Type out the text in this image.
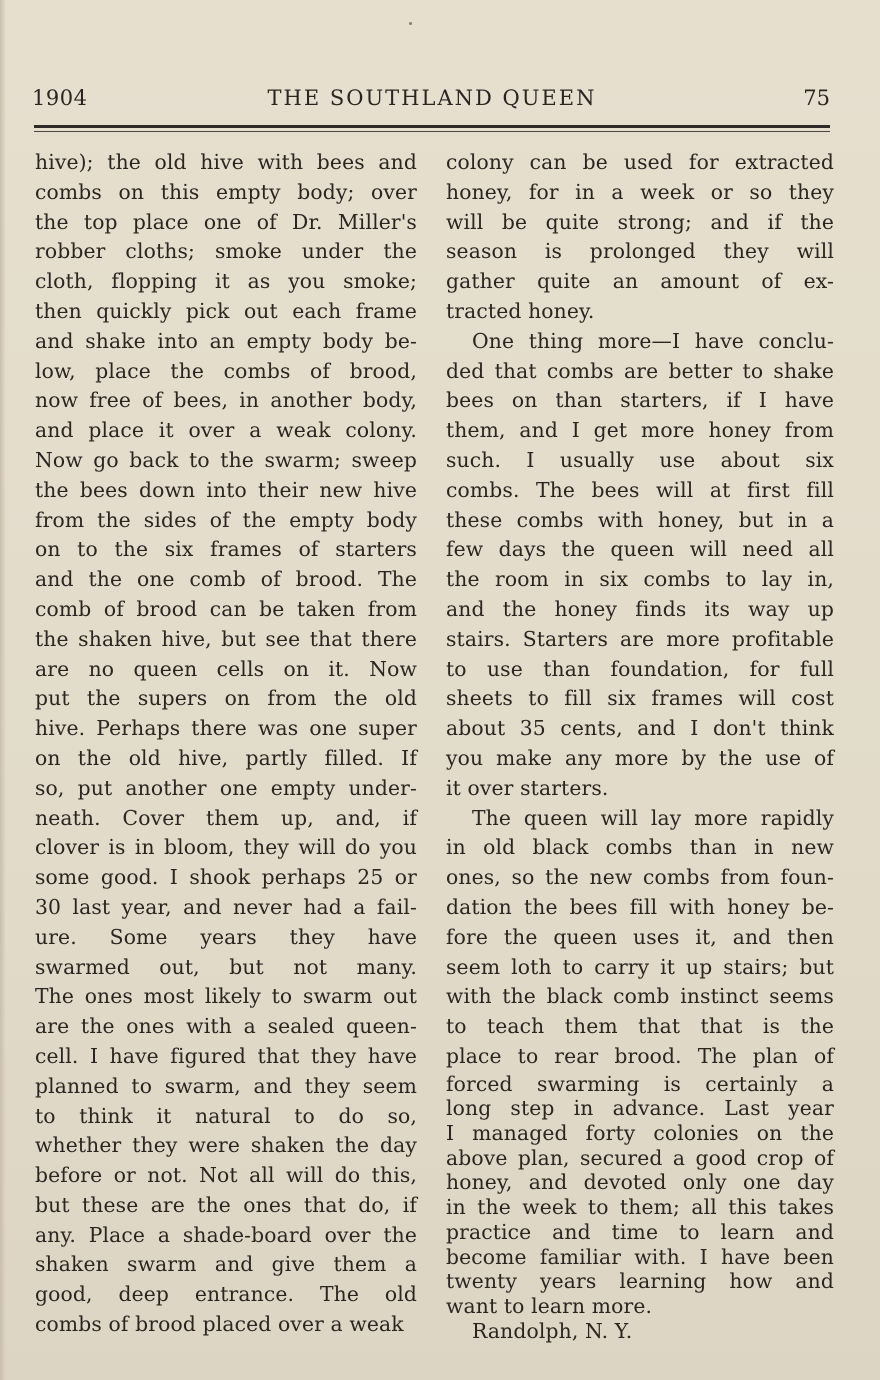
1904	THE SOUTHLAND QUEEN	75
hive); the old hive with bees and
combs on this empty body; over
the top place one of Dr. Miller's
robber cloths; smoke under the
cloth, flopping it as you smoke;
then quickly pick out each frame
and shake into an empty body be-
low, place the combs of brood,
now free of bees, in another body,
and place it over a weak colony.
Now go back to the swarm; sweep
the bees down into their new hive
from the sides of the empty body
on to the six frames of starters
and the one comb of brood. The
comb of brood can be taken from
the shaken hive, but see that there
are no queen cells on it. Now
put the supers on from the old
hive. Perhaps there was one super
on the old hive, partly filled. If
so, put another one empty under-
neath. Cover them up, and, if
clover is in bloom, they will do you
some good. I shook perhaps 25 or
30 last year, and never had a fail-
ure. Some years they have
swarmed out, but not many.
The ones most likely to swarm out
are the ones with a sealed queen-
cell. I have figured that they have
planned to swarm, and they seem
to think it natural to do so,
whether they were shaken the day
before or not. Not all will do this,
but these are the ones that do, if
any. Place a shade-board over the
shaken swarm and give them a
good, deep entrance. The old
combs of brood placed over a weak
colony can be used for extracted
honey, for in a week or so they
will be quite strong; and if the
season is prolonged they will
gather quite an amount of ex-
tracted honey.
One thing more—I have conclu-
ded that combs are better to shake
bees on than starters, if I have
them, and I get more honey from
such. I usually use about six
combs. The bees will at first fill
these combs with honey, but in a
few days the queen will need all
the room in six combs to lay in,
and the honey finds its way up
stairs. Starters are more profitable
to use than foundation, for full
sheets to fill six frames will cost
about 35 cents, and I don't think
you make any more by the use of
it over starters.
The queen will lay more rapidly
in old black combs than in new
ones, so the new combs from foun-
dation the bees fill with honey be-
fore the queen uses it, and then
seem loth to carry it up stairs; but
with the black comb instinct seems
to teach them that that is the
place to rear brood. The plan of
forced swarming is certainly a
long step in advance. Last year
I managed forty colonies on the
above plan, secured a good crop of
honey, and devoted only one day
in the week to them; all this takes
practice and time to learn and
become familiar with. I have been
twenty years learning how and
want to learn more.
Randolph, N. Y.
